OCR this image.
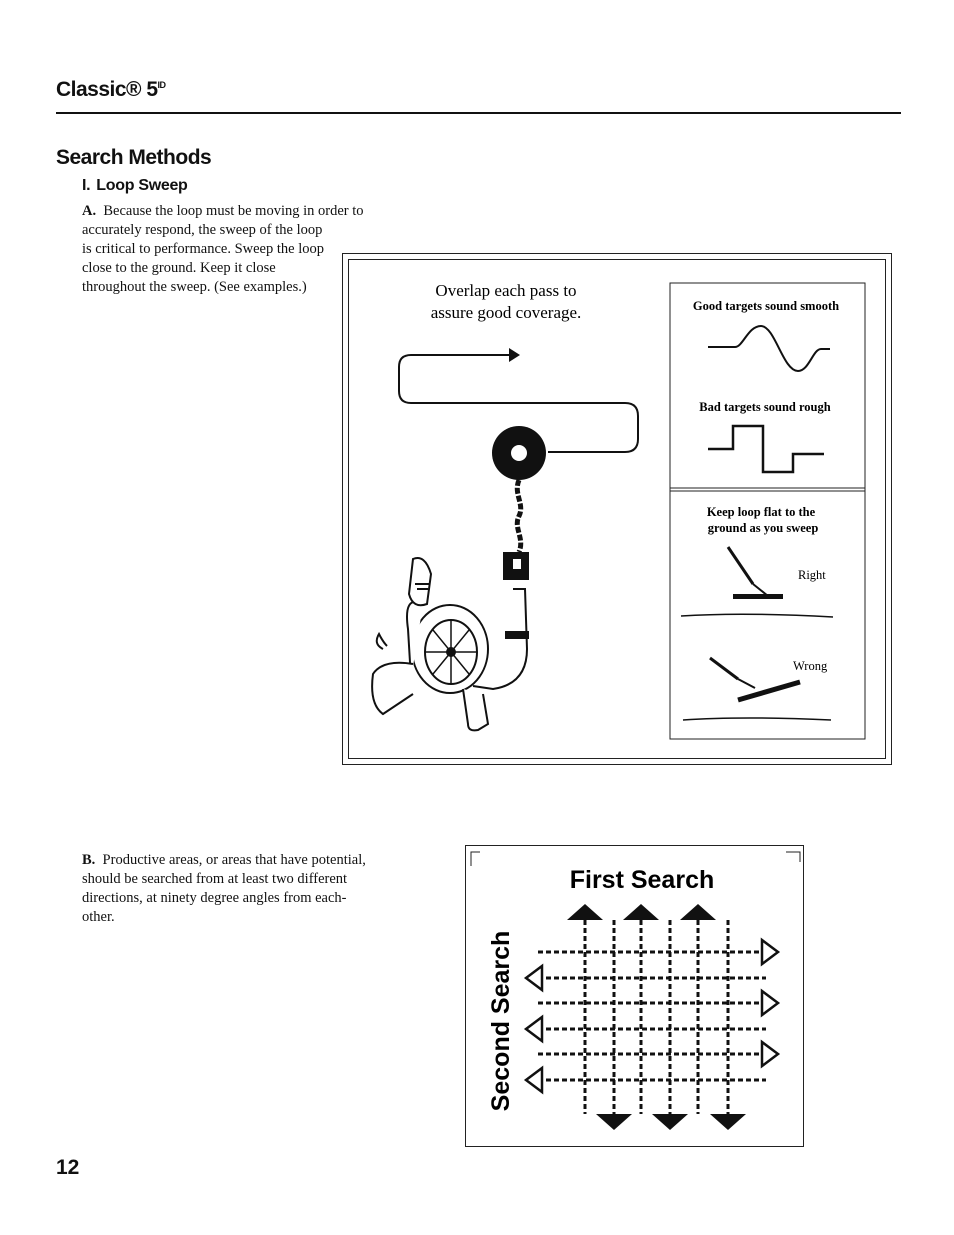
Classic® $5^{ID}$
Search Methods
I. Loop Sweep
A. Because the loop must be moving in order to
accurately respond, the sweep of the loop is critical to performance. Sweep the loop close to the ground. Keep it close throughout the sweep. (See examples.)	Overlap each pass to
assure good coverage.	Good targets sound smooth
Bad targets sound rough
Keep loop flat to the
ground as you sweep
Right
Wrong
B. Productive areas, or areas that have potential, should be searched from at least two different directions, at ninety degree angles from each-other.
First Search
Second Search
12
